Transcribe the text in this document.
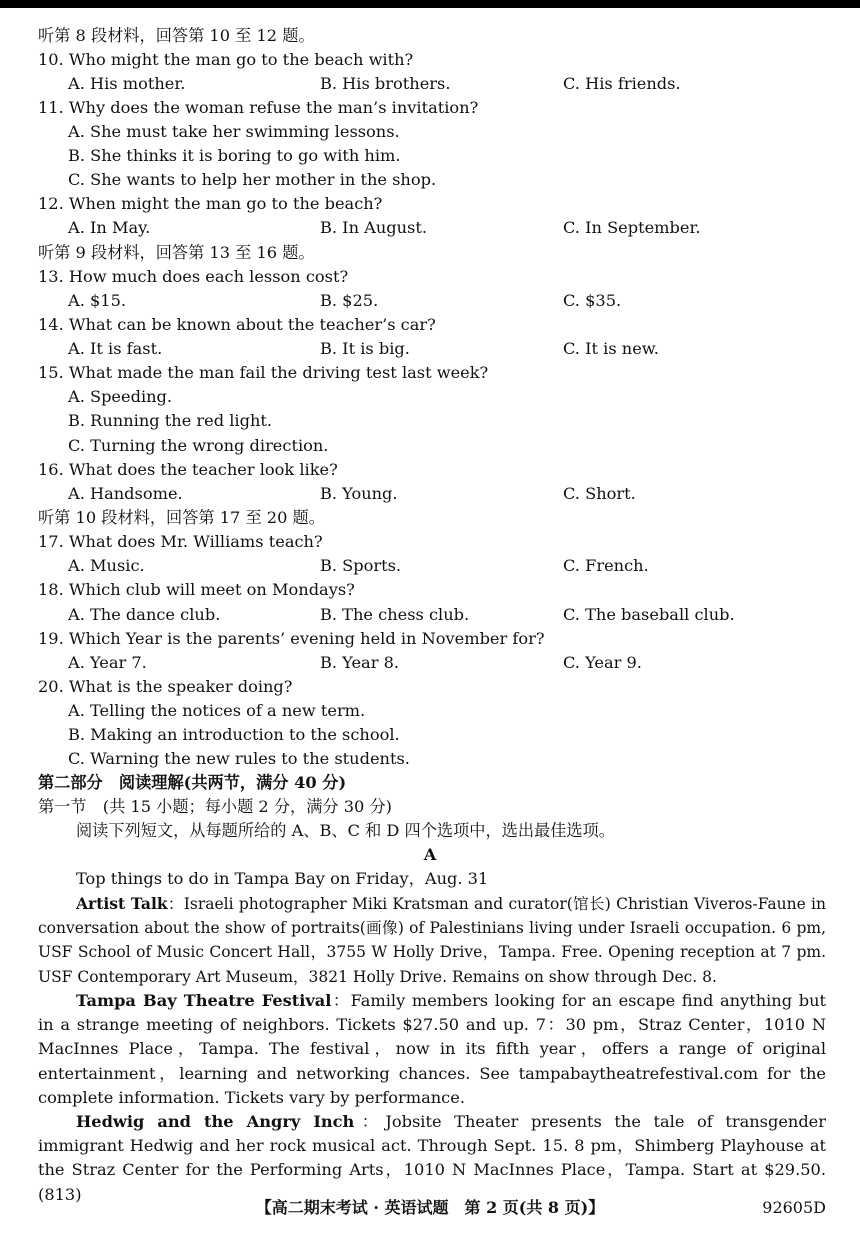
听第 8 段材料，回答第 10 至 12 题。
10. Who might the man go to the beach with?
A. His mother.	B. His brothers.	C. His friends.
11. Why does the woman refuse the man’s invitation?
A. She must take her swimming lessons.
B. She thinks it is boring to go with him.
C. She wants to help her mother in the shop.
12. When might the man go to the beach?
A. In May.	B. In August.	C. In September.
听第 9 段材料，回答第 13 至 16 题。
13. How much does each lesson cost?
A. $15.	B. $25.	C. $35.
14. What can be known about the teacher’s car?
A. It is fast.	B. It is big.	C. It is new.
15. What made the man fail the driving test last week?
A. Speeding.
B. Running the red light.
C. Turning the wrong direction.
16. What does the teacher look like?
A. Handsome.	B. Young.	C. Short.
听第 10 段材料，回答第 17 至 20 题。
17. What does Mr. Williams teach?
A. Music.	B. Sports.	C. French.
18. Which club will meet on Mondays?
A. The dance club.	B. The chess club.	C. The baseball club.
19. Which Year is the parents’ evening held in November for?
A. Year 7.	B. Year 8.	C. Year 9.
20. What is the speaker doing?
A. Telling the notices of a new term.
B. Making an introduction to the school.
C. Warning the new rules to the students.
第二部分　阅读理解(共两节，满分 40 分)
第一节　(共 15 小题；每小题 2 分，满分 30 分)
阅读下列短文，从每题所给的 A、B、C 和 D 四个选项中，选出最佳选项。
A
Top things to do in Tampa Bay on Friday，Aug. 31
Artist Talk：Israeli photographer Miki Kratsman and curator(馆长) Christian Viveros-Faune in conversation about the show of portraits(画像) of Palestinians living under Israeli occupation. 6 pm, USF School of Music Concert Hall，3755 W Holly Drive，Tampa. Free. Opening reception at 7 pm. USF Contemporary Art Museum，3821 Holly Drive. Remains on show through Dec. 8.
Tampa Bay Theatre Festival：Family members looking for an escape find anything but in a strange meeting of neighbors. Tickets $27.50 and up. 7：30 pm，Straz Center，1010 N MacInnes Place，Tampa. The festival，now in its fifth year，offers a range of original entertainment，learning and networking chances. See tampabaytheatrefestival.com for the complete information. Tickets vary by performance.
Hedwig and the Angry Inch：Jobsite Theater presents the tale of transgender immigrant Hedwig and her rock musical act. Through Sept. 15. 8 pm，Shimberg Playhouse at the Straz Center for the Performing Arts，1010 N MacInnes Place，Tampa. Start at $29.50. (813)
【高二期末考试 · 英语试题　第 2 页(共 8 页)】	92605D
